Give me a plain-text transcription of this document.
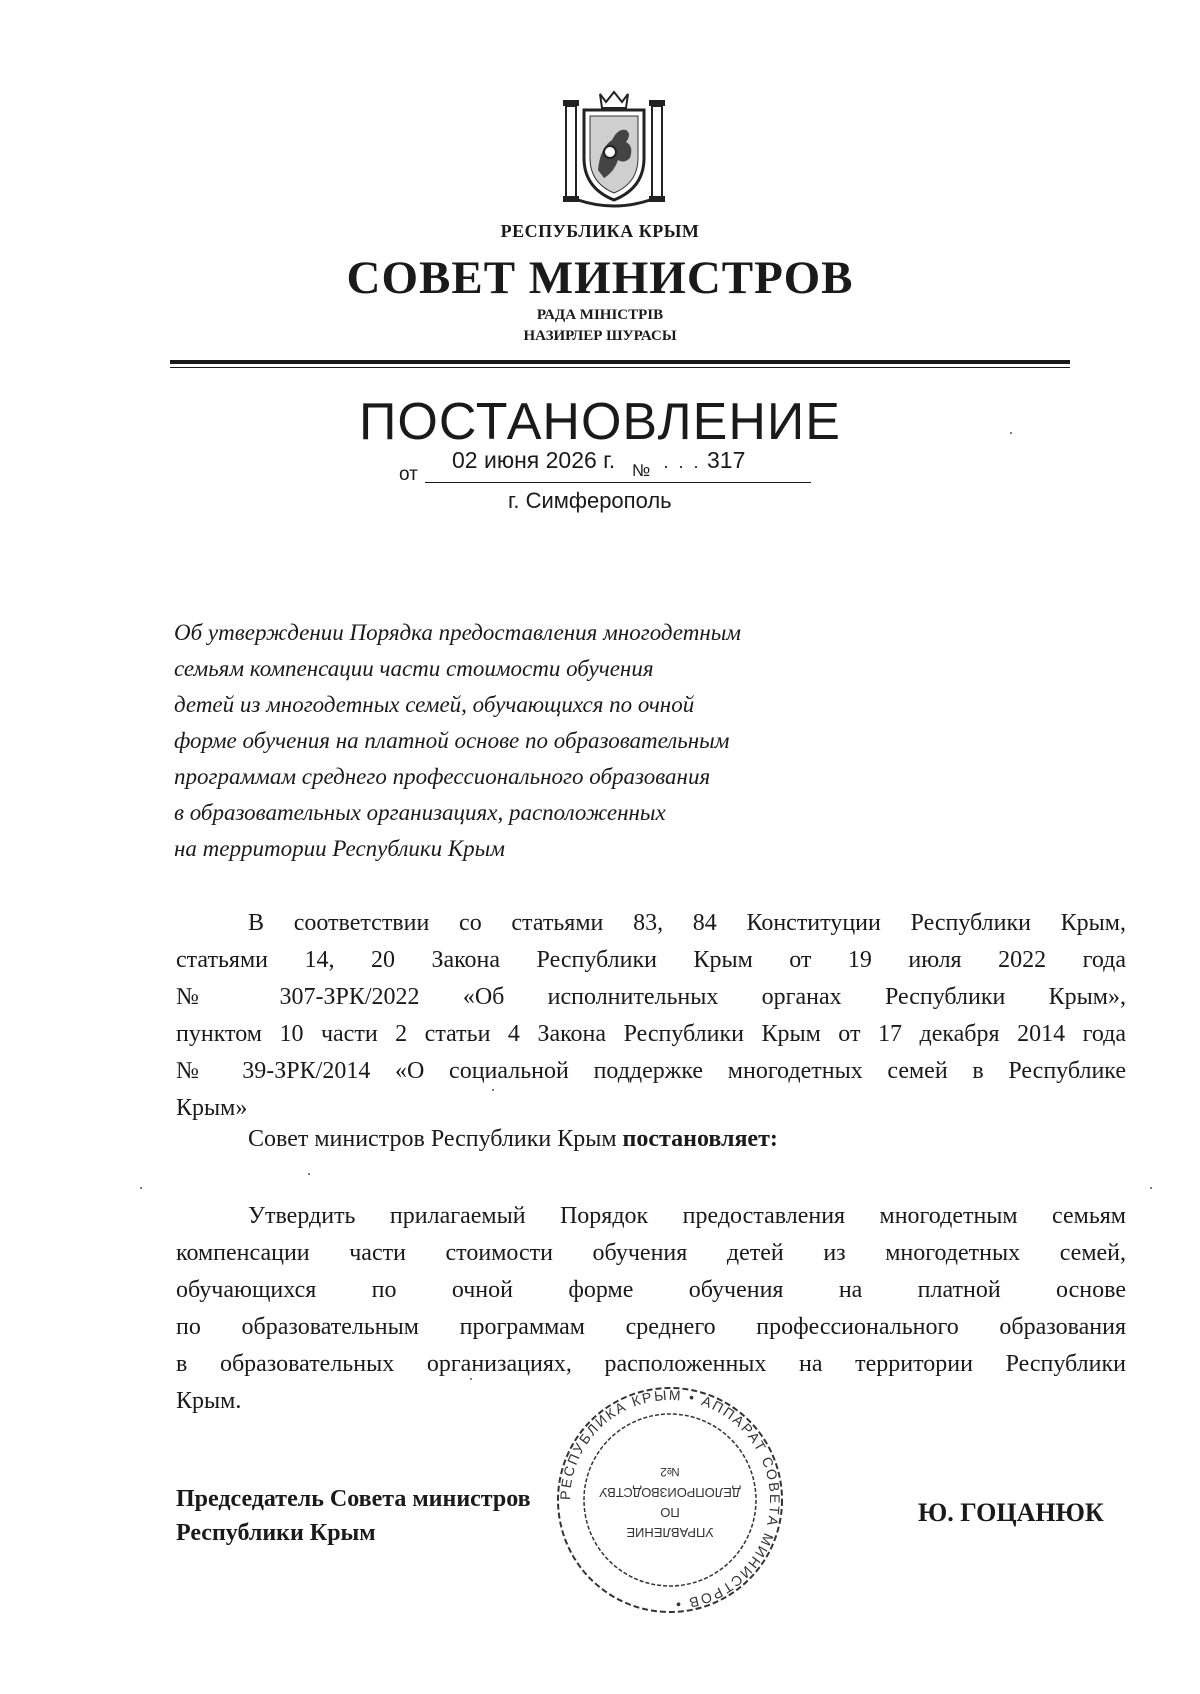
РЕСПУБЛИКА КРЫМ
СОВЕТ МИНИСТРОВ
РАДА МІНІСТРІВ
НАЗИРЛЕР ШУРАСЫ
ПОСТАНОВЛЕНИЕ
от
02 июня 2026 г. № · · · 317
г. Симферополь
Об утверждении Порядка предоставления многодетным
семьям компенсации части стоимости обучения
детей из многодетных семей, обучающихся по очной
форме обучения на платной основе по образовательным
программам среднего профессионального образования
в образовательных организациях, расположенных
на территории Республики Крым
В соответствии со статьями 83, 84 Конституции Республики Крым,
статьями 14, 20 Закона Республики Крым от 19 июля 2022 года
№ 307-ЗРК/2022 «Об исполнительных органах Республики Крым»,
пунктом 10 части 2 статьи 4 Закона Республики Крым от 17 декабря 2014 года
№ 39-ЗРК/2014 «О социальной поддержке многодетных семей в Республике
Крым»
Совет министров Республики Крым постановляет:
Утвердить прилагаемый Порядок предоставления многодетным семьям
компенсации части стоимости обучения детей из многодетных семей,
обучающихся по очной форме обучения на платной основе
по образовательным программам среднего профессионального образования
в образовательных организациях, расположенных на территории Республики
Крым.
РЕСПУБЛИКА КРЫМ • АППАРАТ СОВЕТА МИНИСТРОВ •
УПРАВЛЕНИЕ
ПО
ДЕЛОПРОИЗВОДСТВУ
№2
Председатель Совета министров
Республики Крым
Ю. ГОЦАНЮК
